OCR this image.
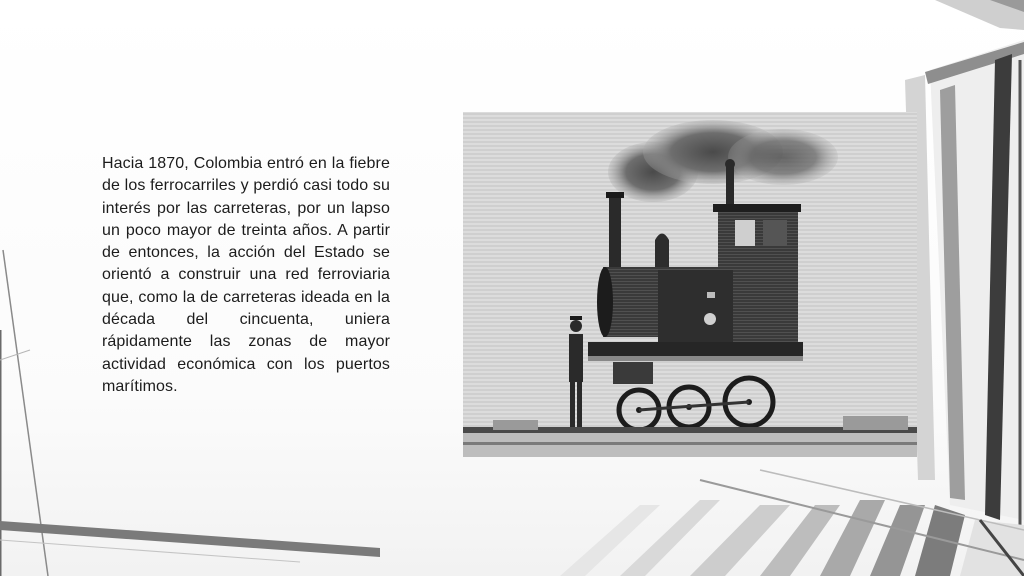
Hacia 1870, Colombia entró en la fiebre de los ferrocarriles y perdió casi todo su interés por las carreteras, por un lapso un poco mayor de treinta años. A partir de entonces, la acción del Estado se orientó a construir una red ferroviaria que, como la de carreteras ideada en la década del cincuenta, uniera rápidamente las zonas de mayor actividad económica con los puertos marítimos.
